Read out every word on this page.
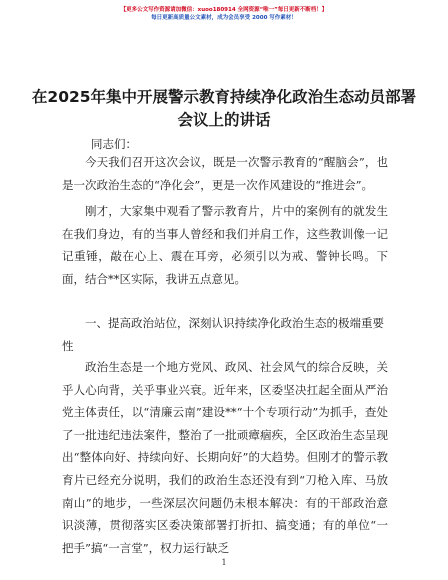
【更多公文写作资源请加微信：xuoo180914 全网资源“唯一”每日更新不断档！】
每日更新高质量公文素材，成为会员享受 2000 写作素材！
在2025年集中开展警示教育持续净化政治生态动员部署会议上的讲话
同志们：
今天我们召开这次会议，既是一次警示教育的“醒脑会”，也是一次政治生态的“净化会”，更是一次作风建设的“推进会”。
刚才，大家集中观看了警示教育片，片中的案例有的就发生在我们身边，有的当事人曾经和我们并肩工作，这些教训像一记记重锤，敲在心上、震在耳旁，必须引以为戒、警钟长鸣。下面，结合**区实际，我讲五点意见。
一、提高政治站位，深刻认识持续净化政治生态的极端重要性
政治生态是一个地方党风、政风、社会风气的综合反映，关乎人心向背，关乎事业兴衰。近年来，区委坚决扛起全面从严治党主体责任，以“清廉云南”建设**“十个专项行动”为抓手，查处了一批违纪违法案件，整治了一批顽瘴痼疾，全区政治生态呈现出“整体向好、持续向好、长期向好”的大趋势。但刚才的警示教育片已经充分说明，我们的政治生态还没有到“刀枪入库、马放南山”的地步，一些深层次问题仍未根本解决：有的干部政治意识淡薄，贯彻落实区委决策部署打折扣、搞变通；有的单位“一把手”搞“一言堂”，权力运行缺乏
1
